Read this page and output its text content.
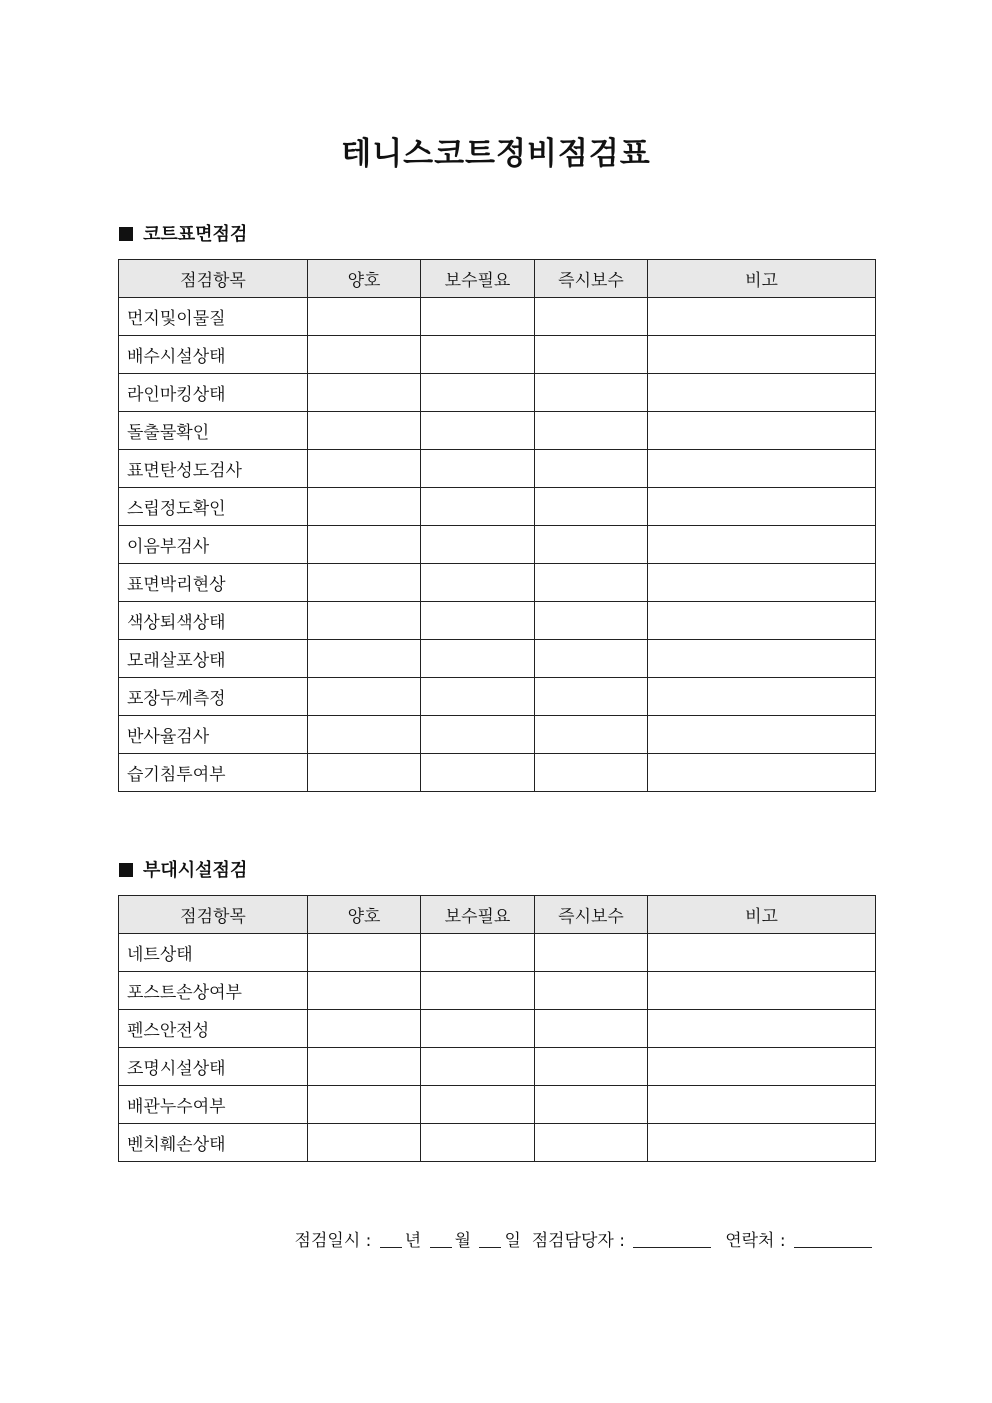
테니스코트정비점검표
코트표면점검
점검항목	양호	보수필요	즉시보수	비고
먼지및이물질				
배수시설상태				
라인마킹상태				
돌출물확인				
표면탄성도검사				
스립정도확인				
이음부검사				
표면박리현상				
색상퇴색상태				
모래살포상태				
포장두께측정				
반사율검사				
습기침투여부				
부대시설점검
점검항목	양호	보수필요	즉시보수	비고
네트상태				
포스트손상여부				
펜스안전성				
조명시설상태				
배관누수여부				
벤치훼손상태				
점검일시 : 년 월 일 점검담당자 :	연락처 :
